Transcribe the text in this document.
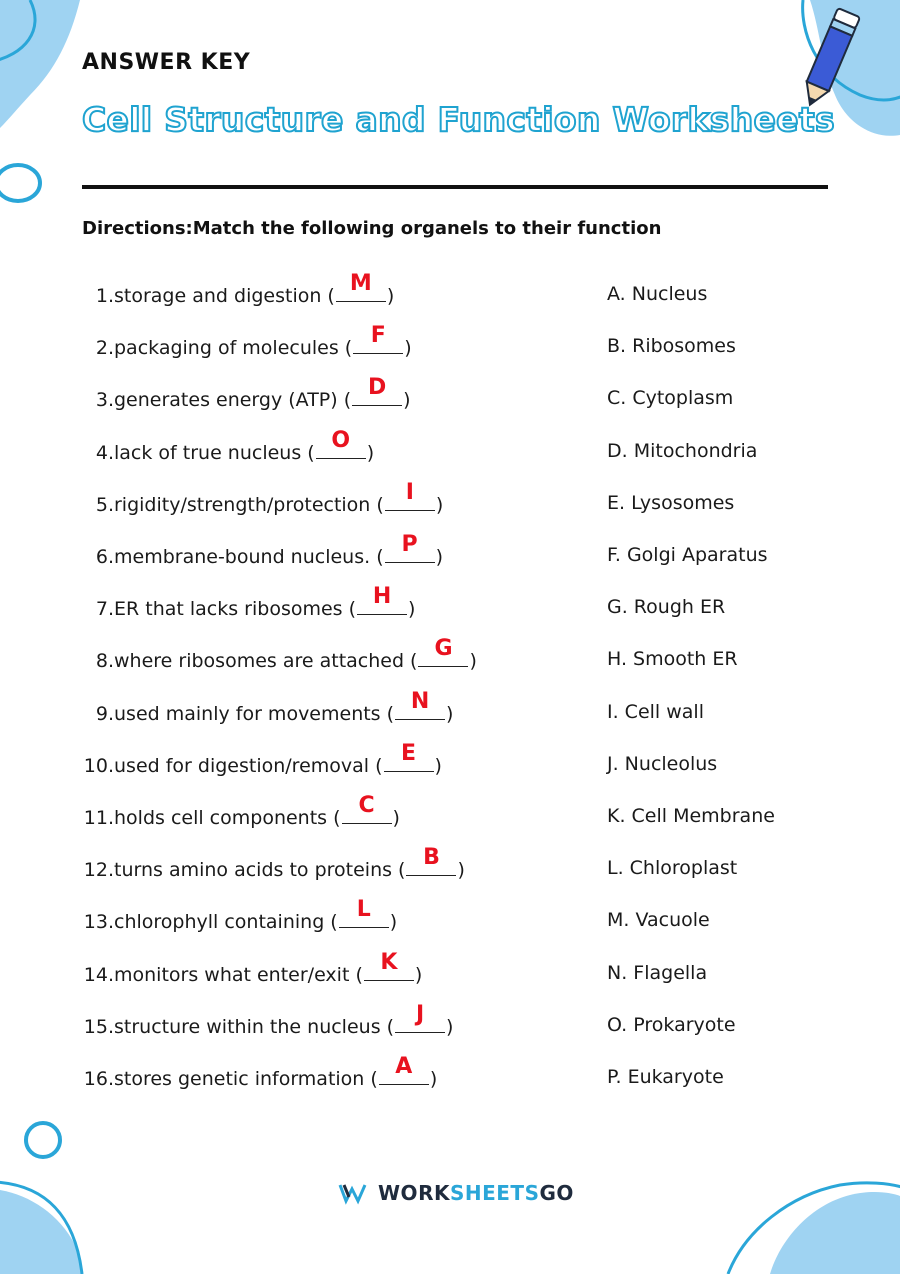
ANSWER KEY
Cell Structure and Function Worksheets
Directions:Match the following organels to their function
1.storage and digestion ( M )
2.packaging of molecules ( F )
3.generates energy (ATP) ( D )
4.lack of true nucleus ( O )
5.rigidity/strength/protection ( I	)
6.membrane-bound nucleus. ( P )
7.ER that lacks ribosomes ( H )
8.where ribosomes are attached ( G )
9.used mainly for movements ( N )
10.used for digestion/removal ( E )
11.holds cell components ( C )
12.turns amino acids to proteins ( B )
13.chlorophyll containing ( L )
14.monitors what enter/exit ( K )
15.structure within the nucleus ( J	)
16.stores genetic information ( A )
A. Nucleus
B. Ribosomes
C. Cytoplasm
D. Mitochondria
E. Lysosomes
F. Golgi Aparatus
G. Rough ER
H. Smooth ER
I. Cell wall
J. Nucleolus
K. Cell Membrane
L. Chloroplast
M. Vacuole
N. Flagella
O. Prokaryote
P. Eukaryote
WORKSHEETSGO
